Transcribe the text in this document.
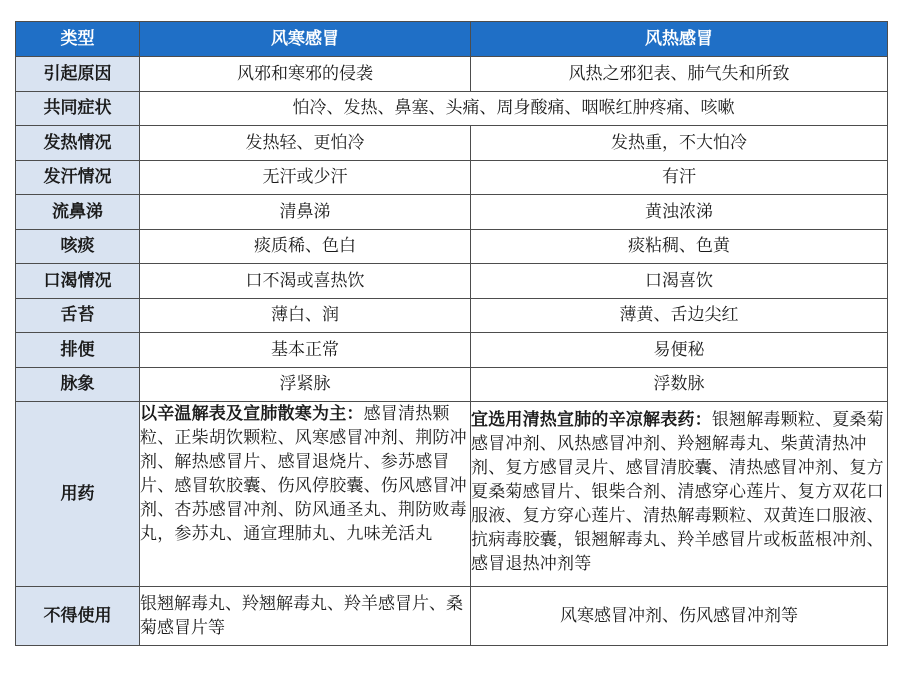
类型	风寒感冒	风热感冒
引起原因	风邪和寒邪的侵袭	风热之邪犯表、肺气失和所致
共同症状	怕冷、发热、鼻塞、头痛、周身酸痛、咽喉红肿疼痛、咳嗽	
发热情况	发热轻、更怕冷	发热重，不大怕冷
发汗情况	无汗或少汗	有汗
流鼻涕	清鼻涕	黄浊浓涕
咳痰	痰质稀、色白	痰粘稠、色黄
口渴情况	口不渴或喜热饮	口渴喜饮
舌苔	薄白、润	薄黄、舌边尖红
排便	基本正常	易便秘
脉象	浮紧脉	浮数脉
用药	以辛温解表及宣肺散寒为主：感冒清热颗粒、正柴胡饮颗粒、风寒感冒冲剂、荆防冲剂、解热感冒片、感冒退烧片、参苏感冒片、感冒软胶囊、伤风停胶囊、伤风感冒冲剂、杏苏感冒冲剂、防风通圣丸、荆防败毒丸，参苏丸、通宣理肺丸、九味羌活丸	宜选用清热宣肺的辛凉解表药：银翘解毒颗粒、夏桑菊感冒冲剂、风热感冒冲剂、羚翘解毒丸、柴黄清热冲剂、复方感冒灵片、感冒清胶囊、清热感冒冲剂、复方夏桑菊感冒片、银柴合剂、清感穿心莲片、复方双花口服液、复方穿心莲片、清热解毒颗粒、双黄连口服液、抗病毒胶囊，银翘解毒丸、羚羊感冒片或板蓝根冲剂、感冒退热冲剂等
不得使用	银翘解毒丸、羚翘解毒丸、羚羊感冒片、桑菊感冒片等	风寒感冒冲剂、伤风感冒冲剂等
